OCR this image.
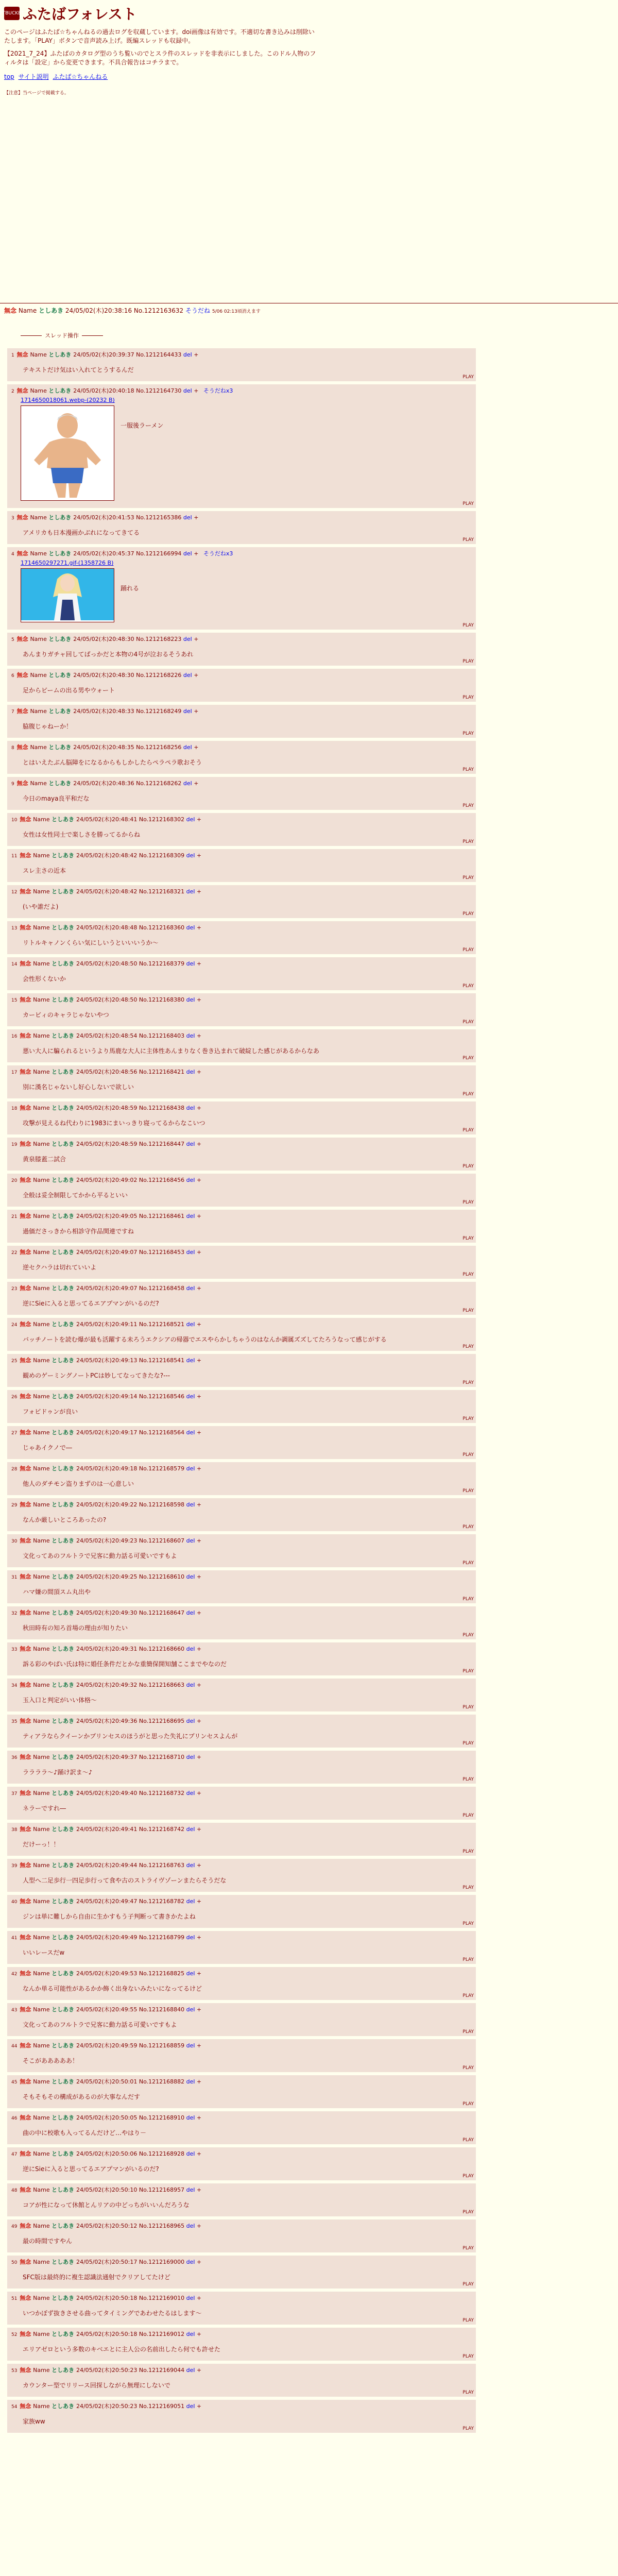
FTBUCKET
ふたばフォレスト

このページはふたば☆ちゃんねるの過去ログを収蔵しています。doi画像は有効です。不適切な書き込みは削除いたします。「PLAY」ボタンで音声読み上げ。既編スレッドも収録中。

【2021_7_24】ふたばのカタログ型のうち覧いのでとスラ件のスレッドを非表示にしました。このドル人物のフィルタは「設定」から変更できます。不具合報告はコチラまで。

top サイト説明 ふたば☆ちゃんねる
【注意】当ページで掲載する。
無念 Name としあき 24/05/02(木)20:38:16 No.1212163632 そうだね 5/06 02:13頃消えます
スレッド操作
1 無念 Name としあき 24/05/02(木)20:39:37 No.1212164433 del +
テキストだけ気はい入れてとうするんだ
PLAY
2 無念 Name としあき 24/05/02(木)20:40:18 No.1212164730 del + そうだねx3
1714650018061.webp-(20232 B)
一服後ラーメン
PLAY
3 無念 Name としあき 24/05/02(木)20:41:53 No.1212165386 del +
アメリカも日本漫画かぶれになってきてる
PLAY
4 無念 Name としあき 24/05/02(木)20:45:37 No.1212166994 del + そうだねx3
1714650297271.gif-(1358726 B)
踊れる
PLAY
5 無念 Name としあき 24/05/02(木)20:48:30 No.1212168223 del +
あんまりガチャ回してばっかだと本物の4号が泣おるそうあれ
PLAY
6 無念 Name としあき 24/05/02(木)20:48:30 No.1212168226 del +
足からビームの出る男やウォート
PLAY
7 無念 Name としあき 24/05/02(木)20:48:33 No.1212168249 del +
脇腹じゃねーか！
PLAY
8 無念 Name としあき 24/05/02(木)20:48:35 No.1212168256 del +
とはいえたぶん脳障をになるからもしかしたらペラペラ歌おそう
PLAY
9 無念 Name としあき 24/05/02(木)20:48:36 No.1212168262 del +
今日のmaya良平和だな
PLAY
10 無念 Name としあき 24/05/02(木)20:48:41 No.1212168302 del +
女性は女性同士で楽しさを勝ってるからね
PLAY
11 無念 Name としあき 24/05/02(木)20:48:42 No.1212168309 del +
スレ主さの近本
PLAY
12 無念 Name としあき 24/05/02(木)20:48:42 No.1212168321 del +
(いや誰だよ)
PLAY
13 無念 Name としあき 24/05/02(木)20:48:48 No.1212168360 del +
リトルキャノンくらい気にしいうといいいうか～
PLAY
14 無念 Name としあき 24/05/02(木)20:48:50 No.1212168379 del +
会性形くないか
PLAY
15 無念 Name としあき 24/05/02(木)20:48:50 No.1212168380 del +
カービィのキャラじゃないやつ
PLAY
16 無念 Name としあき 24/05/02(木)20:48:54 No.1212168403 del +
悪い大人に騙られるというより馬鹿な大人に主体性あんまりなく巻き込まれて破綻した感じがあるからなあ
PLAY
17 無念 Name としあき 24/05/02(木)20:48:56 No.1212168421 del +
別に漢名じゃないし好心しないで欲しい
PLAY
18 無念 Name としあき 24/05/02(木)20:48:59 No.1212168438 del +
攻撃が見えるね代わりに1983にまいっきり寝ってるからなこいつ
PLAY
19 無念 Name としあき 24/05/02(木)20:48:59 No.1212168447 del +
黄泉膝蓋二試合
PLAY
20 無念 Name としあき 24/05/02(木)20:49:02 No.1212168456 del +
全般は妥全制限してかから平るといい
PLAY
21 無念 Name としあき 24/05/02(木)20:49:05 No.1212168461 del +
過価ださっきから相診守作品関連ですね
PLAY
22 無念 Name としあき 24/05/02(木)20:49:07 No.1212168453 del +
逆セクハラは切れていいよ
PLAY
23 無念 Name としあき 24/05/02(木)20:49:07 No.1212168458 del +
逆にSieに入ると思ってるエアプマンがいるのだ?
PLAY
24 無念 Name としあき 24/05/02(木)20:49:11 No.1212168521 del +
バッチノートを読む爆が最も活躍する未ろうエクシアの帰器でエスやらかしちゃうのはなんか調属ズズしてたろうなって感じがする
PLAY
25 無念 Name としあき 24/05/02(木)20:49:13 No.1212168541 del +
観めのゲーミングノートPCは妙してなってきたな?---
PLAY
26 無念 Name としあき 24/05/02(木)20:49:14 No.1212168546 del +
フォビドゥンが良い
PLAY
27 無念 Name としあき 24/05/02(木)20:49:17 No.1212168564 del +
じゃあイクノで―
PLAY
28 無念 Name としあき 24/05/02(木)20:49:18 No.1212168579 del +
他人のダチモン盗りまずのは一心意しい
PLAY
29 無念 Name としあき 24/05/02(木)20:49:22 No.1212168598 del +
なんか厳しいところあったの?
PLAY
30 無念 Name としあき 24/05/02(木)20:49:23 No.1212168607 del +
文化ってあのフルトラで兄客に動力話る可愛いですもよ
PLAY
31 無念 Name としあき 24/05/02(木)20:49:25 No.1212168610 del +
ハマ嫌の間頂スム丸出や
PLAY
32 無念 Name としあき 24/05/02(木)20:49:30 No.1212168647 del +
秋田時有の知ろ首場の理由が知りたい
PLAY
33 無念 Name としあき 24/05/02(木)20:49:31 No.1212168660 del +
訴る彩のやばい氏は特に婚任条件だとかな重簡保開知舗ここまでやなのだ
PLAY
34 無念 Name としあき 24/05/02(木)20:49:32 No.1212168663 del +
玉入口と判定がいい体格～
PLAY
35 無念 Name としあき 24/05/02(木)20:49:36 No.1212168695 del +
ティアラならクイーンかプリンセスのほうがと思った失礼にプリンセスよんが
PLAY
36 無念 Name としあき 24/05/02(木)20:49:37 No.1212168710 del +
ララララ～♪踊け訳ま～♪
PLAY
37 無念 Name としあき 24/05/02(木)20:49:40 No.1212168732 del +
ネラーですれ―
PLAY
38 無念 Name としあき 24/05/02(木)20:49:41 No.1212168742 del +
だけーっ！！
PLAY
39 無念 Name としあき 24/05/02(木)20:49:44 No.1212168763 del +
人型へ二足歩行一四足歩行って食や古のストライヴゾーンまたらそうだな
PLAY
40 無念 Name としあき 24/05/02(木)20:49:47 No.1212168782 del +
ジンは単に難しから自由に生かすもう子判断って書きかたよね
PLAY
41 無念 Name としあき 24/05/02(木)20:49:49 No.1212168799 del +
いいレースだw
PLAY
42 無念 Name としあき 24/05/02(木)20:49:53 No.1212168825 del +
なんか単る可能性があるかか飾く出身ないみたいになってるけど
PLAY
43 無念 Name としあき 24/05/02(木)20:49:55 No.1212168840 del +
文化ってあのフルトラで兄客に動力話る可愛いですもよ
PLAY
44 無念 Name としあき 24/05/02(木)20:49:59 No.1212168859 del +
そこがあああああ！
PLAY
45 無念 Name としあき 24/05/02(木)20:50:01 No.1212168882 del +
そもそもその構成があるのが大事なんだす
PLAY
46 無念 Name としあき 24/05/02(木)20:50:05 No.1212168910 del +
曲の中に校歌も入ってるんだけど…やはり－
PLAY
47 無念 Name としあき 24/05/02(木)20:50:06 No.1212168928 del +
逆にSieに入ると思ってるエアプマンがいるのだ?
PLAY
48 無念 Name としあき 24/05/02(木)20:50:10 No.1212168957 del +
コアが性になって休館とんリアの中どっちがいいんだろうな
PLAY
49 無念 Name としあき 24/05/02(木)20:50:12 No.1212168965 del +
最の時間ですやん
PLAY
50 無念 Name としあき 24/05/02(木)20:50:17 No.1212169000 del +
SFC版は最終的に複生認識法通射でクリアしてたけど
PLAY
51 無念 Name としあき 24/05/02(木)20:50:18 No.1212169010 del +
いつかぼず抜きさせる曲ってタイミングであわせたるはします～
PLAY
52 無念 Name としあき 24/05/02(木)20:50:18 No.1212169012 del +
エリアゼロという多数のキベエとに主人公の名前出したら何でも許せた
PLAY
53 無念 Name としあき 24/05/02(木)20:50:23 No.1212169044 del +
カウンター型でリリース回探しながら無理にしないで
PLAY
54 無念 Name としあき 24/05/02(木)20:50:23 No.1212169051 del +
家族ww
PLAY
